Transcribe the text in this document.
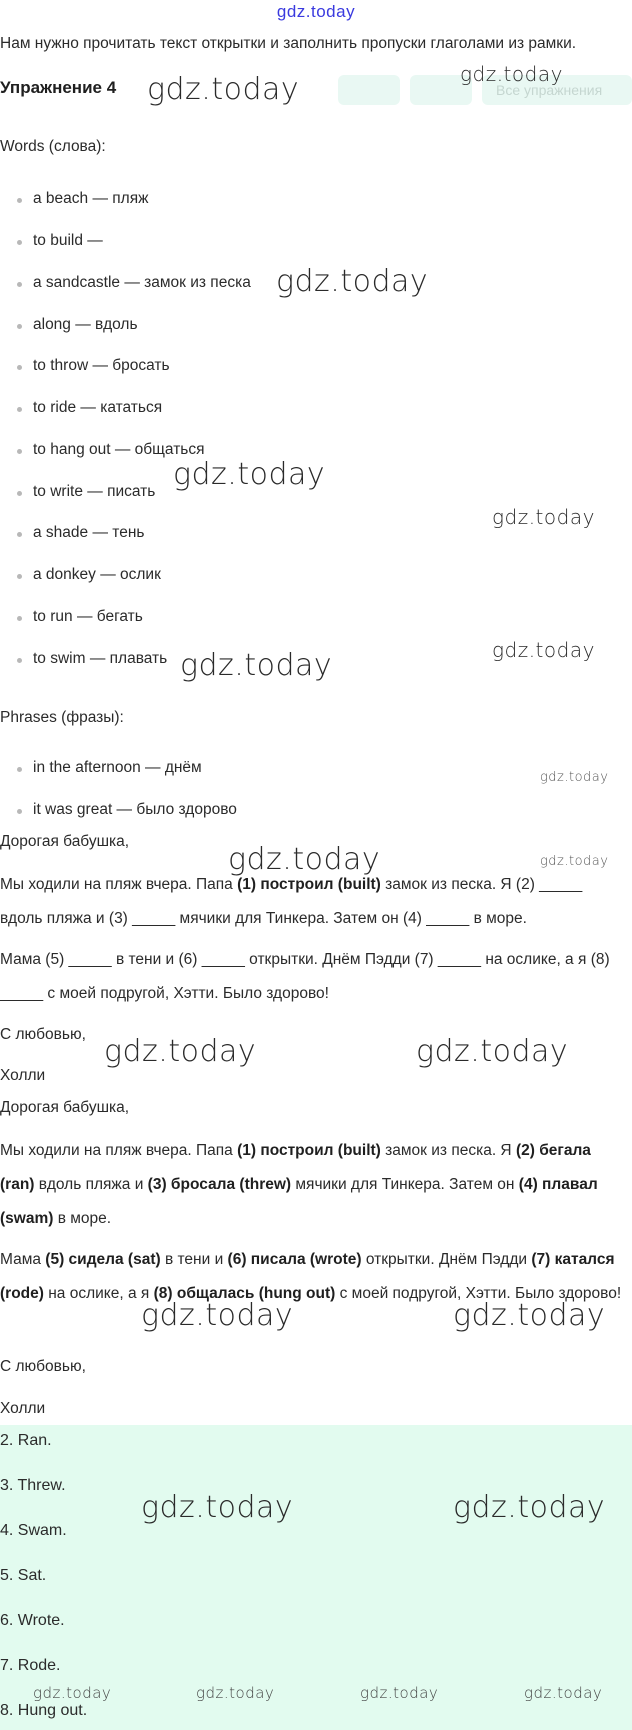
gdz.today

Нам нужно прочитать текст открытки и заполнить пропуски глаголами из рамки.

Упражнение 4	Все упражнения
Words (слова):
a beach — пляж
to build —
a sandcastle — замок из песка
along — вдоль
to throw — бросать
to ride — кататься
to hang out — общаться
to write — писать
a shade — тень
a donkey — ослик
to run — бегать
to swim — плавать
Phrases (фразы):
in the afternoon — днём
it was great — было здорово
Дорогая бабушка,

Мы ходили на пляж вчера. Папа (1) построил (built) замок из песка. Я (2) _____ вдоль пляжа и (3) _____ мячики для Тинкера. Затем он (4) _____ в море.

Мама (5) _____ в тени и (6) _____ открытки. Днём Пэдди (7) _____ на ослике, а я (8) _____ с моей подругой, Хэтти. Было здорово!

С любовью,
Холли
Дорогая бабушка,

Мы ходили на пляж вчера. Папа (1) построил (built) замок из песка. Я (2) бегала (ran) вдоль пляжа и (3) бросала (threw) мячики для Тинкера. Затем он (4) плавал (swam) в море.

Мама (5) сидела (sat) в тени и (6) писала (wrote) открытки. Днём Пэдди (7) катался (rode) на ослике, а я (8) общалась (hung out) с моей подругой, Хэтти. Было здорово!

С любовью,
Холли
2. Ran.
3. Threw.
4. Swam.
5. Sat.
6. Wrote.
7. Rode.
8. Hung out.
gdz.today	gdz.today
gdz.today
gdz.today
gdz.today
gdz.today
gdz.today
gdz.today
gdz.today	gdz.today
gdz.today	gdz.today
gdz.today	gdz.today
gdz.today	gdz.today
gdz.today	gdz.today	gdz.today	gdz.today
